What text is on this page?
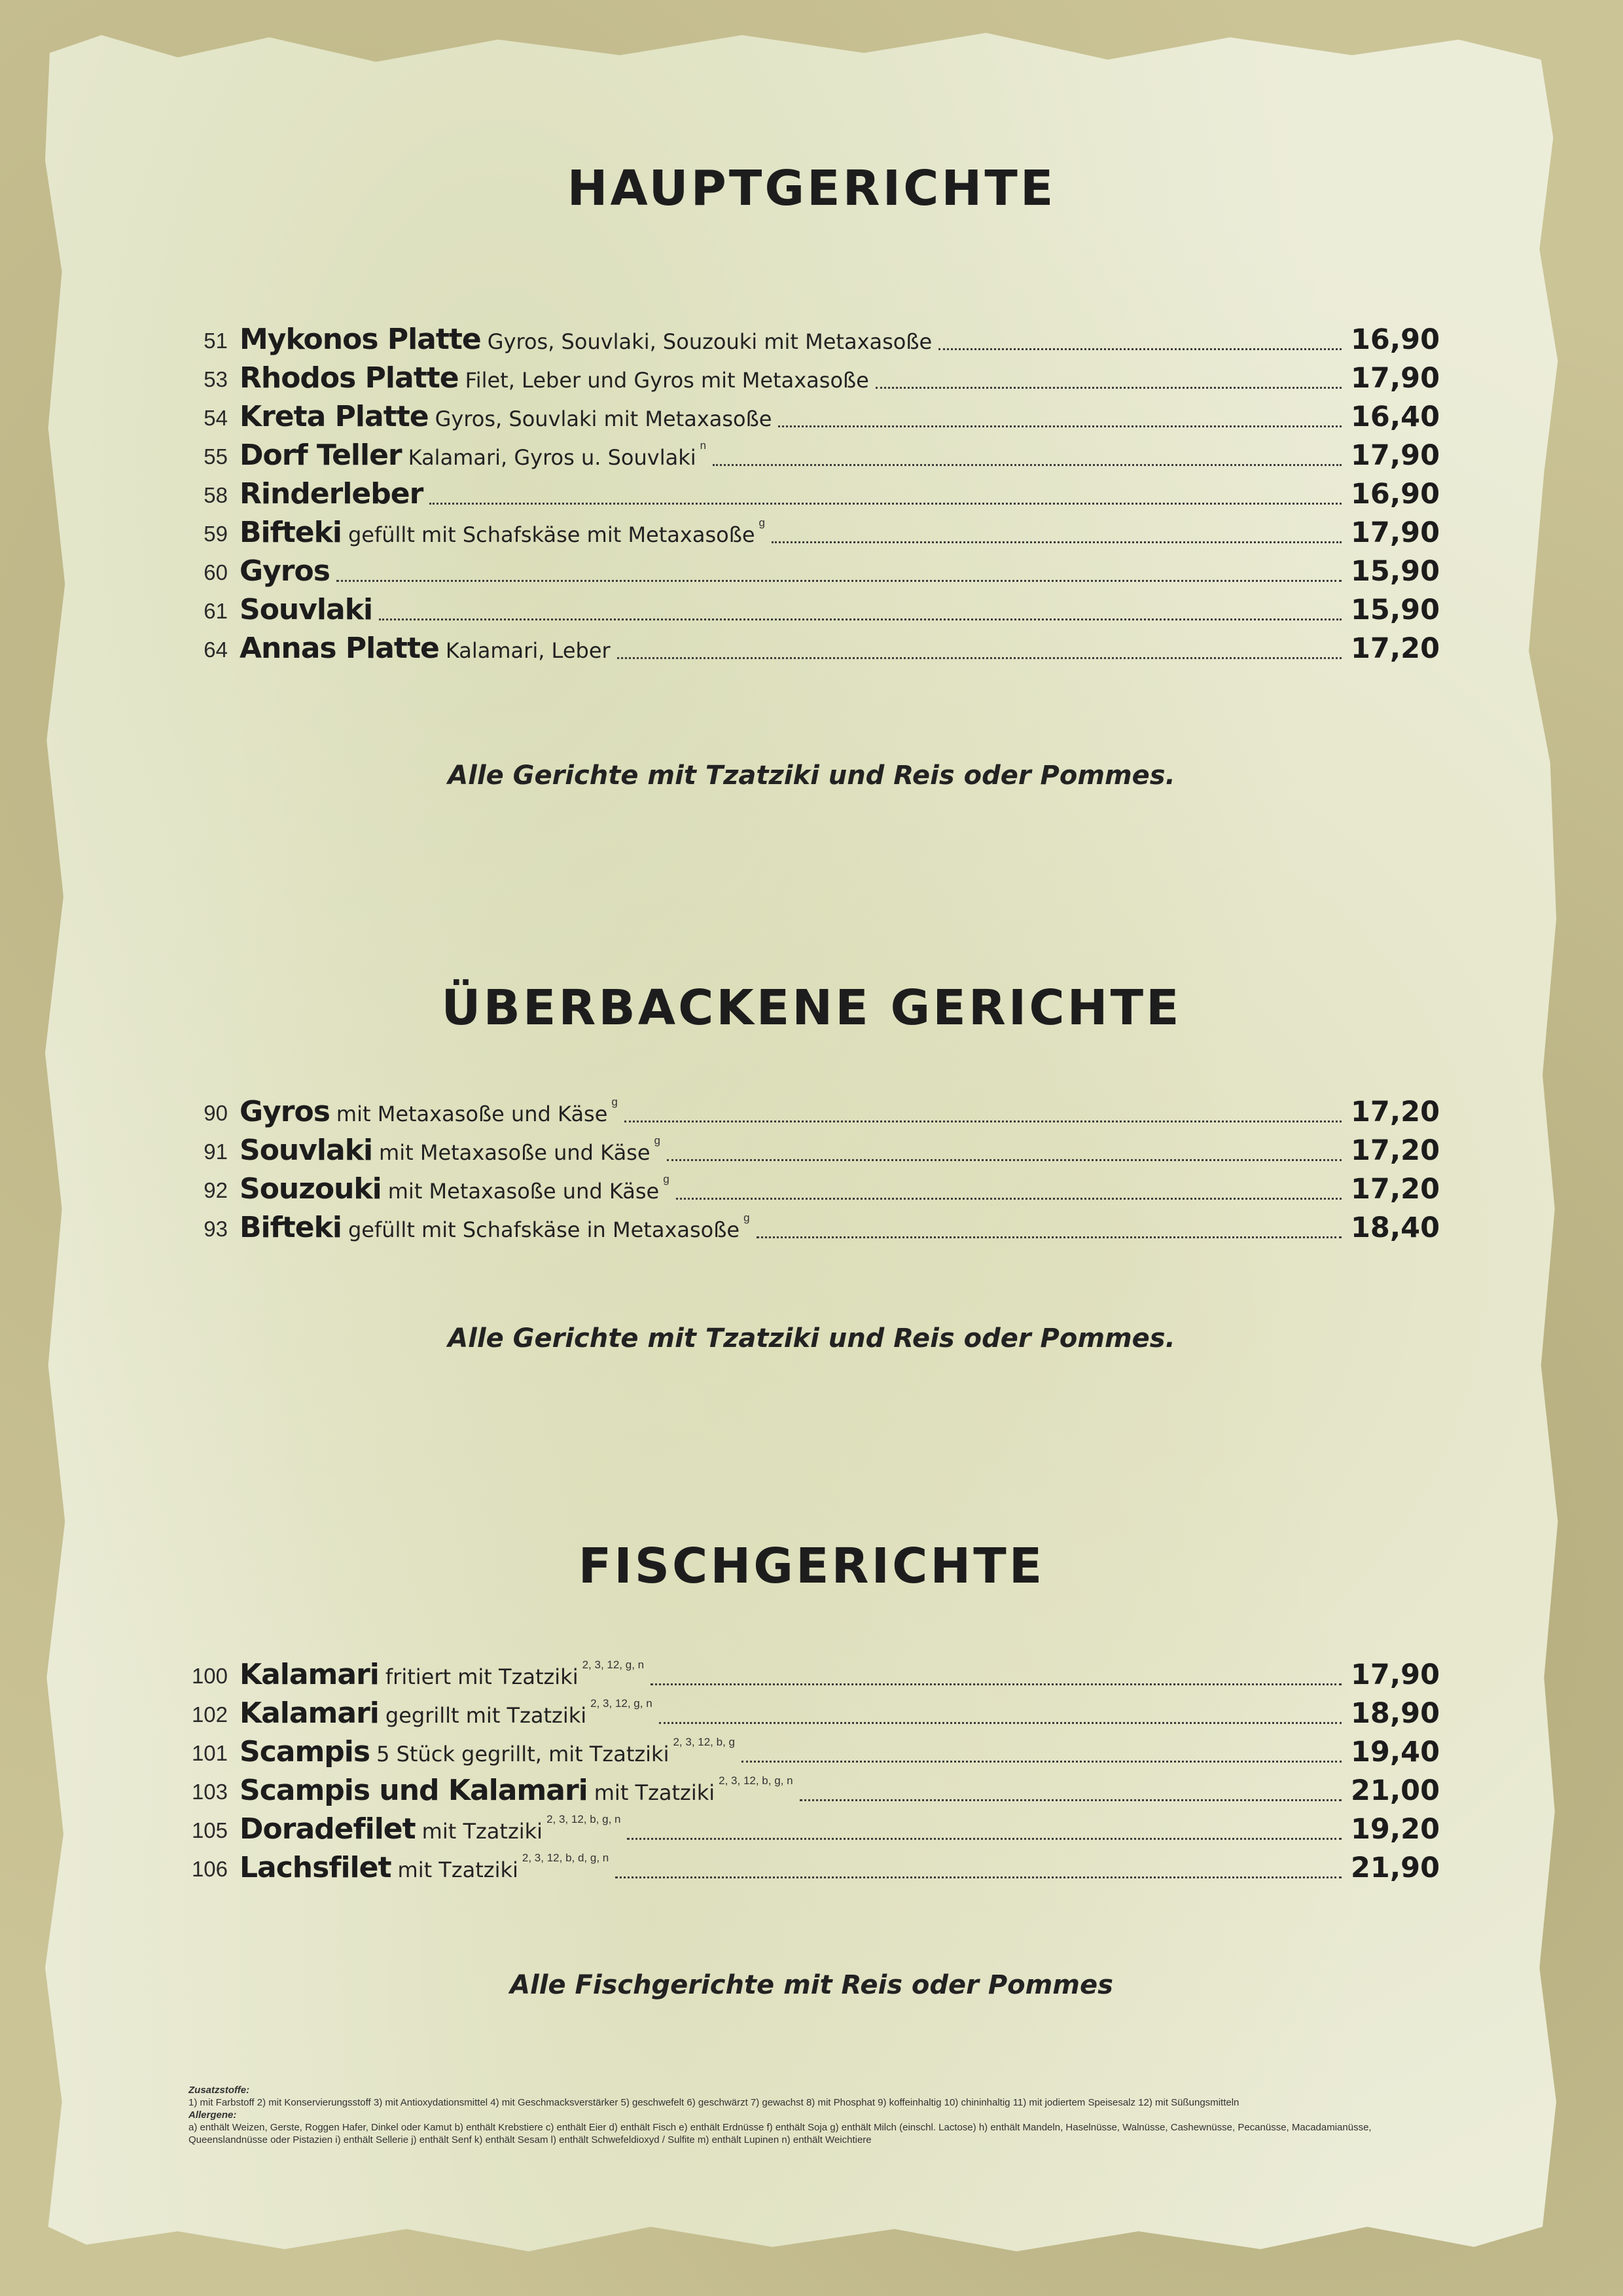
HAUPTGERICHTE
51 Mykonos Platte Gyros, Souvlaki, Souzouki mit Metaxasoße	16,90
53 Rhodos Platte Filet, Leber und Gyros mit Metaxasoße	17,90
54 Kreta Platte Gyros, Souvlaki mit Metaxasoße	16,40
55 Dorf Teller Kalamari, Gyros u. Souvlaki n	17,90
58 Rinderleber	16,90
59 Bifteki gefüllt mit Schafskäse mit Metaxasoße g	17,90
60 Gyros	15,90
61 Souvlaki	15,90
64 Annas Platte Kalamari, Leber	17,20
Alle Gerichte mit Tzatziki und Reis oder Pommes.
ÜBERBACKENE GERICHTE
90 Gyros mit Metaxasoße und Käse g	17,20
91 Souvlaki mit Metaxasoße und Käse g	17,20
92 Souzouki mit Metaxasoße und Käse g	17,20
93 Bifteki gefüllt mit Schafskäse in Metaxasoße g	18,40
Alle Gerichte mit Tzatziki und Reis oder Pommes.
FISCHGERICHTE
100 Kalamari fritiert mit Tzatziki 2, 3, 12, g, n	17,90
102 Kalamari gegrillt mit Tzatziki 2, 3, 12, g, n	18,90
101 Scampis 5 Stück gegrillt, mit Tzatziki 2, 3, 12, b, g	19,40
103 Scampis und Kalamari mit Tzatziki 2, 3, 12, b, g, n	21,00
105 Doradefilet mit Tzatziki 2, 3, 12, b, g, n	19,20
106 Lachsfilet mit Tzatziki 2, 3, 12, b, d, g, n	21,90
Alle Fischgerichte mit Reis oder Pommes
Zusatzstoffe:
1) mit Farbstoff 2) mit Konservierungsstoff 3) mit Antioxydationsmittel 4) mit Geschmacksverstärker 5) geschwefelt 6) geschwärzt 7) gewachst 8) mit Phosphat 9) koffeinhaltig 10) chininhaltig 11) mit jodiertem Speisesalz 12) mit Süßungsmitteln
Allergene:
a) enthält Weizen, Gerste, Roggen Hafer, Dinkel oder Kamut b) enthält Krebstiere c) enthält Eier d) enthält Fisch e) enthält Erdnüsse f) enthält Soja g) enthält Milch (einschl. Lactose) h) enthält Mandeln, Haselnüsse, Walnüsse, Cashewnüsse, Pecanüsse, Macadamianüsse, Queenslandnüsse oder Pistazien i) enthält Sellerie j) enthält Senf k) enthält Sesam l) enthält Schwefeldioxyd / Sulfite m) enthält Lupinen n) enthält Weichtiere
